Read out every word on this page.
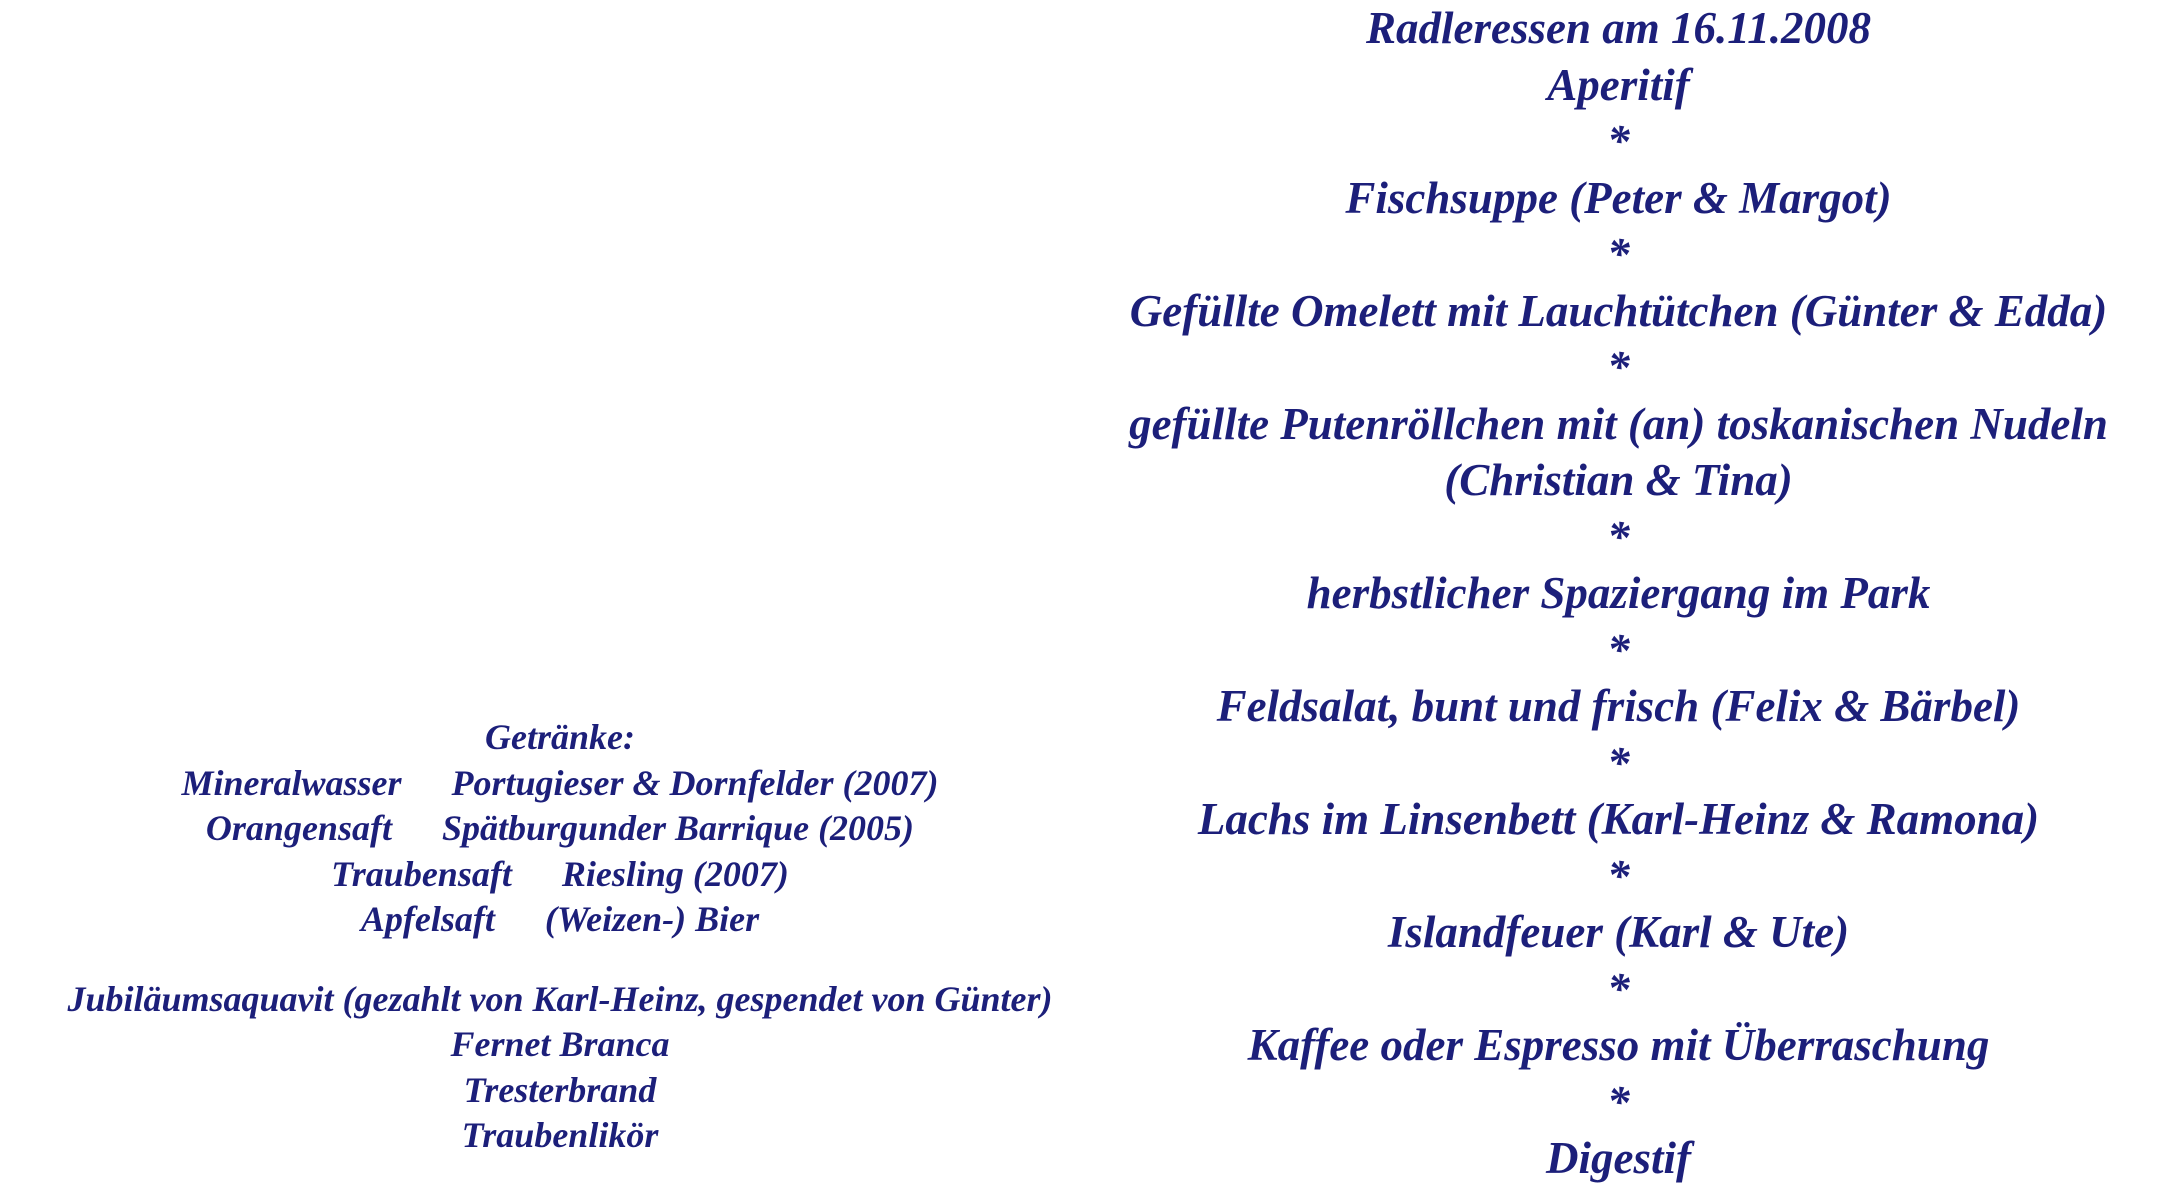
Radleressen am 16.11.2008

Aperitif

*

Fischsuppe (Peter & Margot)

*

Gefüllte Omelett mit Lauchtütchen (Günter & Edda)

*

gefüllte Putenröllchen mit (an) toskanischen Nudeln

(Christian & Tina)

*

herbstlicher Spaziergang im Park

*

Feldsalat, bunt und frisch (Felix & Bärbel)

*

Lachs im Linsenbett (Karl-Heinz & Ramona)

*

Islandfeuer (Karl & Ute)

*

Kaffee oder Espresso mit Überraschung

*

Digestif

Getränke:

Mineralwasser Portugieser & Dornfelder (2007)

Orangensaft Spätburgunder Barrique (2005)

Traubensaft Riesling (2007)

Apfelsaft (Weizen-) Bier

Jubiläumsaquavit (gezahlt von Karl-Heinz, gespendet von Günter)

Fernet Branca

Tresterbrand

Traubenlikör
